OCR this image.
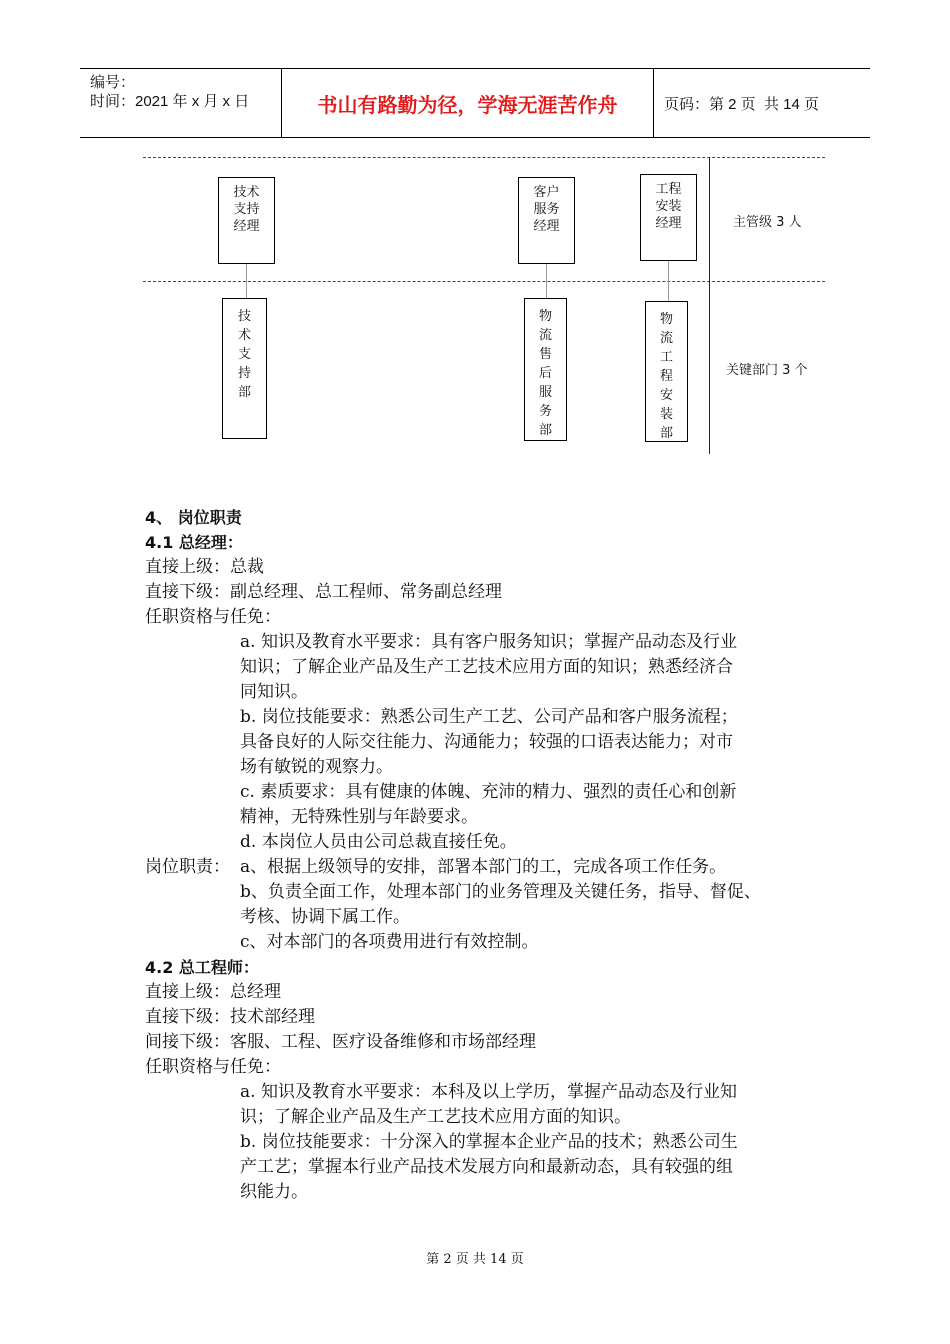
编号：
时间：2021 年 x 月 x 日	书山有路勤为径，学海无涯苦作舟	页码：第 2 页  共 14 页
技术支持经理
客户服务经理
工程安装经理
技术支持部
物流售后服务部
物流工程安装部
主管级 3 人
关键部门 3 个
4、 岗位职责
4.1 总经理：
直接上级：总裁
直接下级：副总经理、总工程师、常务副总经理
任职资格与任免：
a. 知识及教育水平要求：具有客户服务知识；掌握产品动态及行业
知识；了解企业产品及生产工艺技术应用方面的知识；熟悉经济合
同知识。
b. 岗位技能要求：熟悉公司生产工艺、公司产品和客户服务流程；
具备良好的人际交往能力、沟通能力；较强的口语表达能力；对市
场有敏锐的观察力。
c. 素质要求：具有健康的体魄、充沛的精力、强烈的责任心和创新
精神，无特殊性别与年龄要求。
d. 本岗位人员由公司总裁直接任免。
岗位职责： a、根据上级领导的安排，部署本部门的工，完成各项工作任务。
b、负责全面工作，处理本部门的业务管理及关键任务，指导、督促、
考核、协调下属工作。
c、对本部门的各项费用进行有效控制。
4.2 总工程师：
直接上级：总经理
直接下级：技术部经理
间接下级：客服、工程、医疗设备维修和市场部经理
任职资格与任免：
a. 知识及教育水平要求：本科及以上学历，掌握产品动态及行业知
识；了解企业产品及生产工艺技术应用方面的知识。
b. 岗位技能要求：十分深入的掌握本企业产品的技术；熟悉公司生
产工艺；掌握本行业产品技术发展方向和最新动态，具有较强的组
织能力。
第 2 页 共 14 页
